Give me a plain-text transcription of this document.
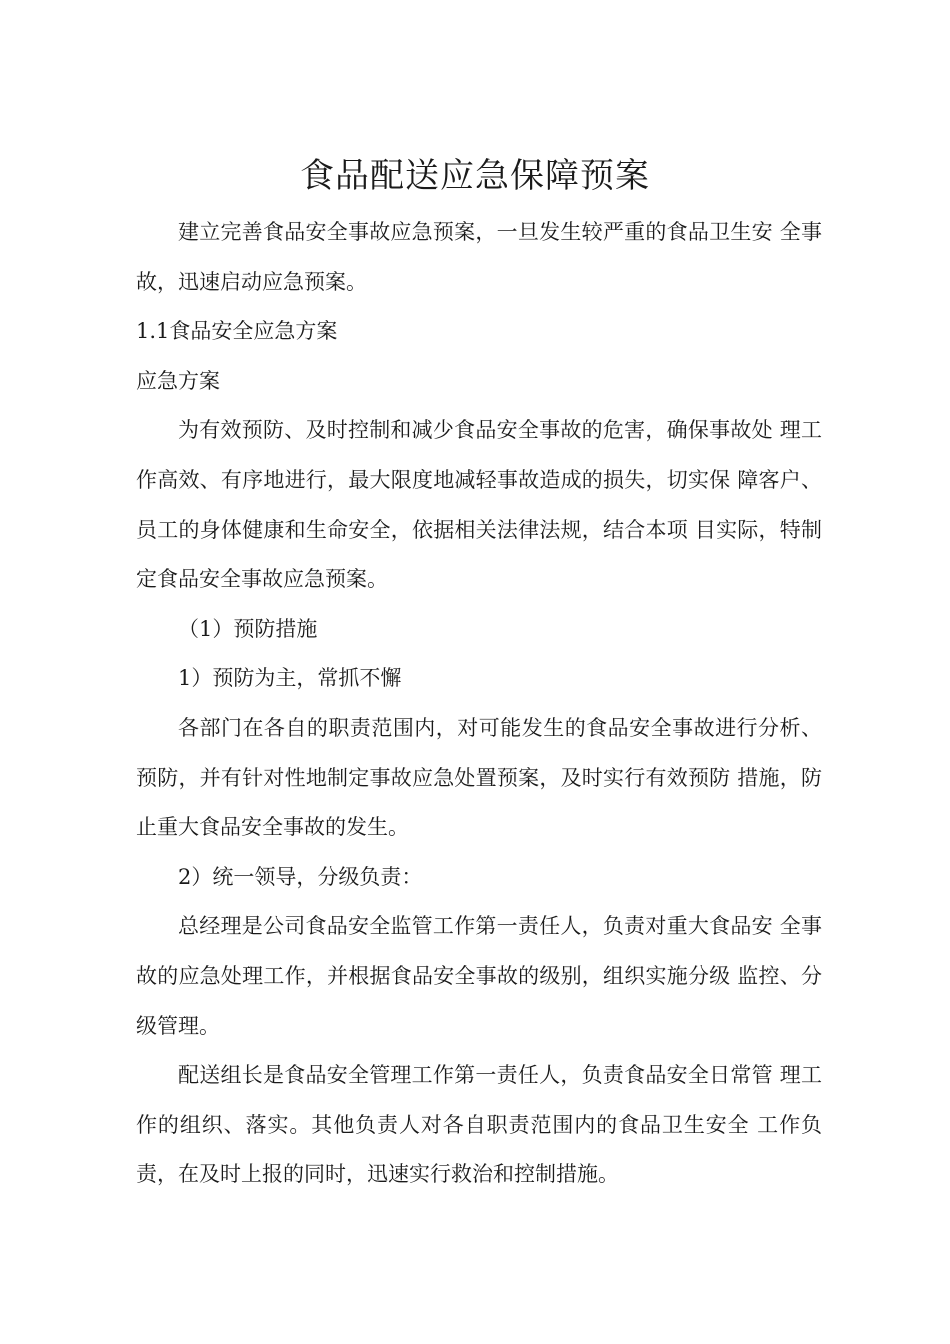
食品配送应急保障预案

建立完善食品安全事故应急预案，一旦发生较严重的食品卫生安 全事故，迅速启动应急预案。

1.1食品安全应急方案

应急方案

为有效预防、及时控制和减少食品安全事故的危害，确保事故处 理工作高效、有序地进行，最大限度地减轻事故造成的损失，切实保 障客户、员工的身体健康和生命安全，依据相关法律法规，结合本项 目实际，特制定食品安全事故应急预案。

（1）预防措施

1）预防为主，常抓不懈

各部门在各自的职责范围内，对可能发生的食品安全事故进行分析、预防，并有针对性地制定事故应急处置预案，及时实行有效预防 措施，防止重大食品安全事故的发生。

2）统一领导，分级负责：

总经理是公司食品安全监管工作第一责任人，负责对重大食品安 全事故的应急处理工作，并根据食品安全事故的级别，组织实施分级 监控、分级管理。

配送组长是食品安全管理工作第一责任人，负责食品安全日常管 理工作的组织、落实。其他负责人对各自职责范围内的食品卫生安全 工作负责，在及时上报的同时，迅速实行救治和控制措施。
